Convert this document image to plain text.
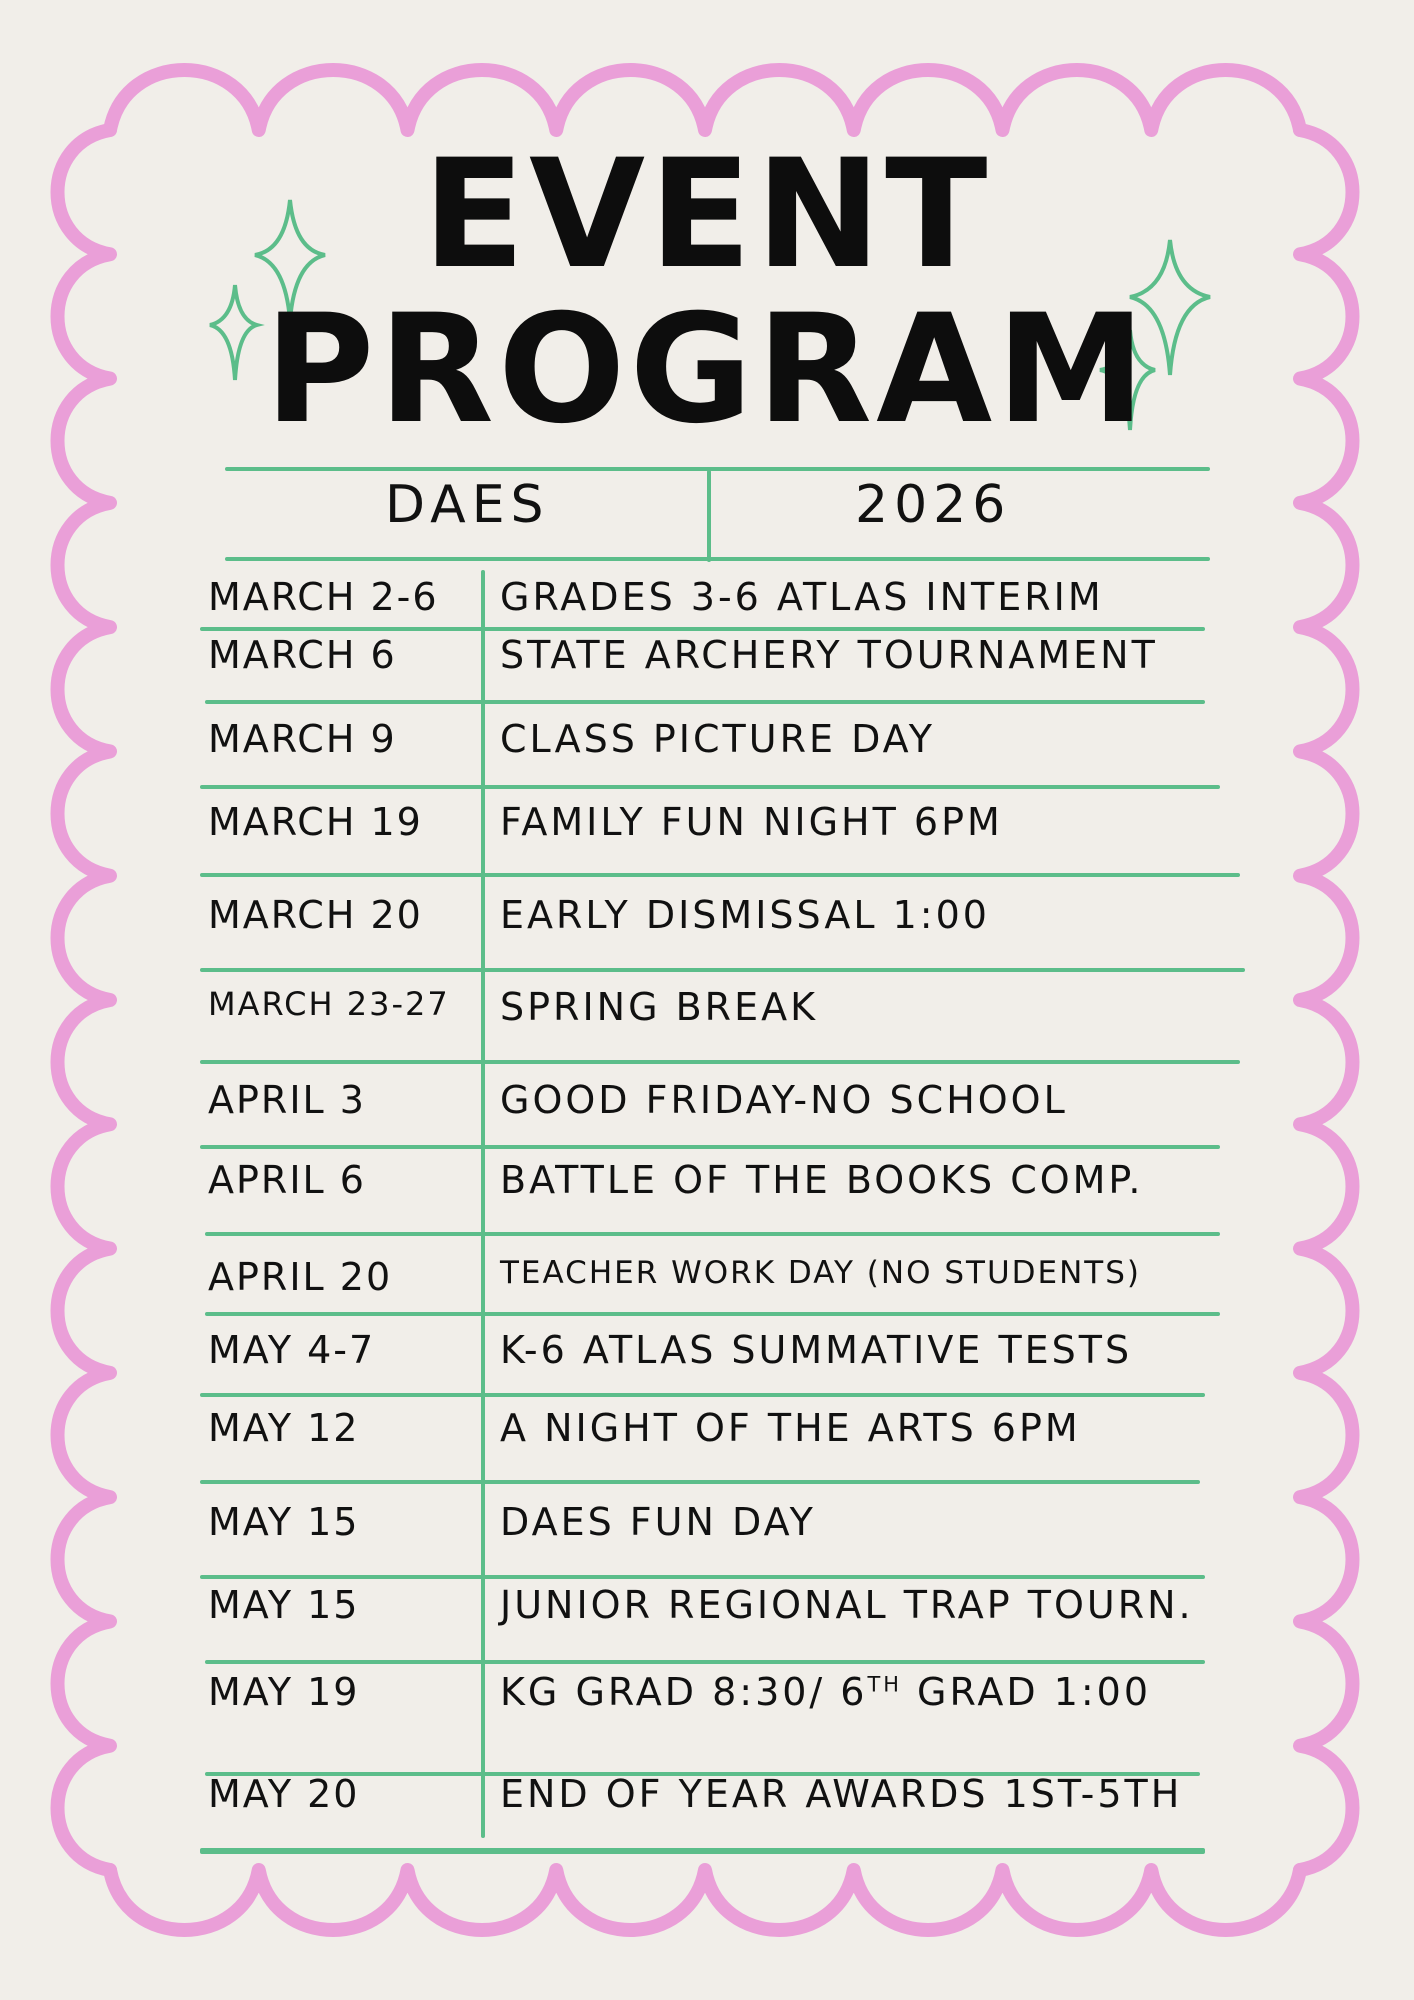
EVENT
PROGRAM
DAES	2026
MARCH 2-6 GRADES 3-6 ATLAS INTERIM
MARCH 6	STATE ARCHERY TOURNAMENT
MARCH 9	CLASS PICTURE DAY
MARCH 19 FAMILY FUN NIGHT 6PM
MARCH 20 EARLY DISMISSAL 1:00
MARCH 23-27 SPRING BREAK
APRIL 3	GOOD FRIDAY-NO SCHOOL
APRIL 6	BATTLE OF THE BOOKS COMP.
APRIL 20	TEACHER WORK DAY (NO STUDENTS)
MAY 4-7	K-6 ATLAS SUMMATIVE TESTS
MAY 12	A NIGHT OF THE ARTS 6PM
MAY 15	DAES FUN DAY
MAY 15	JUNIOR REGIONAL TRAP TOURN.
MAY 19	KG GRAD 8:30/ 6TH GRAD 1:00
MAY 20	END OF YEAR AWARDS 1ST-5TH
